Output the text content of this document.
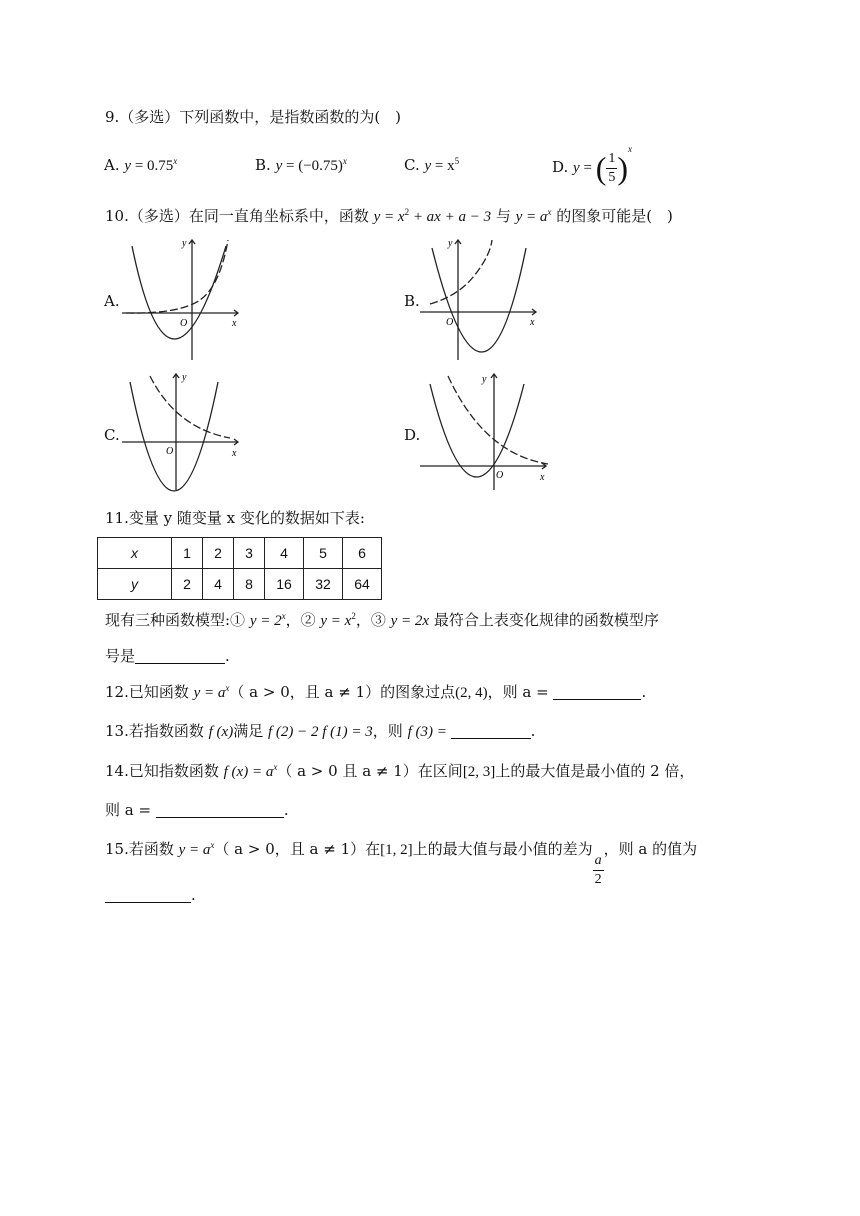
9.（多选）下列函数中，是指数函数的为(　)
A. $y = 0.75^x$	B. $y = (-0.75)^x$	C. $y = x^5$	D. y = ( $\frac{1}{5} )^x$
10.（多选）在同一直角坐标系中，函数 $y = x^2$ + ax + a − 3 与 $y = a^x$ 的图象可能是(　)
A.	B.
C.	D.
O	x
y
O	x
y
O	x
y
O	x
y
11.变量 y 随变量 x 变化的数据如下表:
x	1	2	3	4	5	6
y	2	4	8	16	32	64
现有三种函数模型:① $y = 2^x$，② $y = x^2$，③ y = 2x 最符合上表变化规律的函数模型序
号是	.
12.已知函数 $y = a^x$（ a > 0，且 a ≠ 1）的图象过点(2, 4)，则 a =	.
13.若指数函数 f (x)满足 f (2) − 2 f (1) = 3，则 f (3) =	.
14.已知指数函数 f $(x) = a^x$（ a > 0 且 a ≠ 1）在区间[2, 3]上的最大值是最小值的 2 倍，
则 a =	.
15.若函数 $y = a^x$（ a > 0，且 a ≠ 1）在[1, 2]上的最大值与最小值的差为
$\frac{a}{2}$
，则 a 的值为
.
